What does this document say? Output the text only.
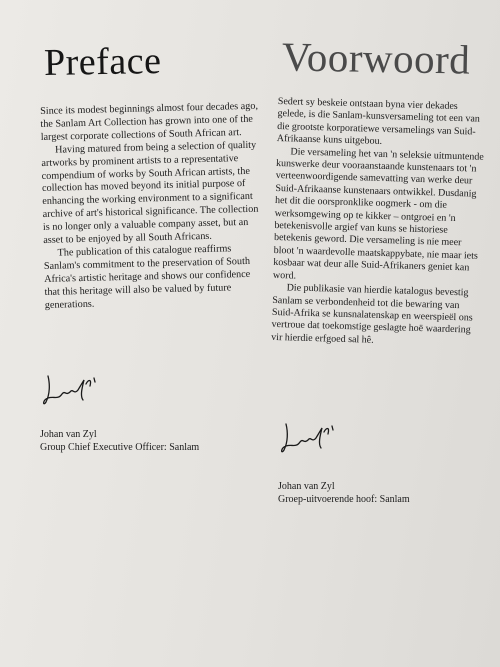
Preface

Since its modest beginnings almost four decades ago, the Sanlam Art Collection has grown into one of the largest corporate collections of South African art.

Having matured from being a selection of quality artworks by prominent artists to a representative compendium of works by South African artists, the collection has moved beyond its initial purpose of enhancing the working environment to a significant archive of art's historical significance. The collection is no longer only a valuable company asset, but an asset to be enjoyed by all South Africans.

The publication of this catalogue reaffirms Sanlam's commitment to the preservation of South Africa's artistic heritage and shows our confidence that this heritage will also be valued by future generations.

Johan van Zyl
Group Chief Executive Officer: Sanlam
Voorwoord

Sedert sy beskeie ontstaan byna vier dekades gelede, is die Sanlam-kunsversameling tot een van die grootste korporatiewe versamelings van Suid-Afrikaanse kuns uitgebou.

Die versameling het van 'n seleksie uitmuntende kunswerke deur vooraanstaande kunstenaars tot 'n verteenwoordigende samevatting van werke deur Suid-Afrikaanse kunstenaars ontwikkel. Dusdanig het dit die oorspronklike oogmerk - om die werksomgewing op te kikker – ontgroei en 'n betekenisvolle argief van kuns se historiese betekenis geword. Die versameling is nie meer bloot 'n waardevolle maatskappybate, nie maar iets kosbaar wat deur alle Suid-Afrikaners geniet kan word.

Die publikasie van hierdie katalogus bevestig Sanlam se verbondenheid tot die bewaring van Suid-Afrika se kunsnalatenskap en weerspieël ons vertroue dat toekomstige geslagte hoë waardering vir hierdie erfgoed sal hê.

Johan van Zyl
Groep-uitvoerende hoof: Sanlam
